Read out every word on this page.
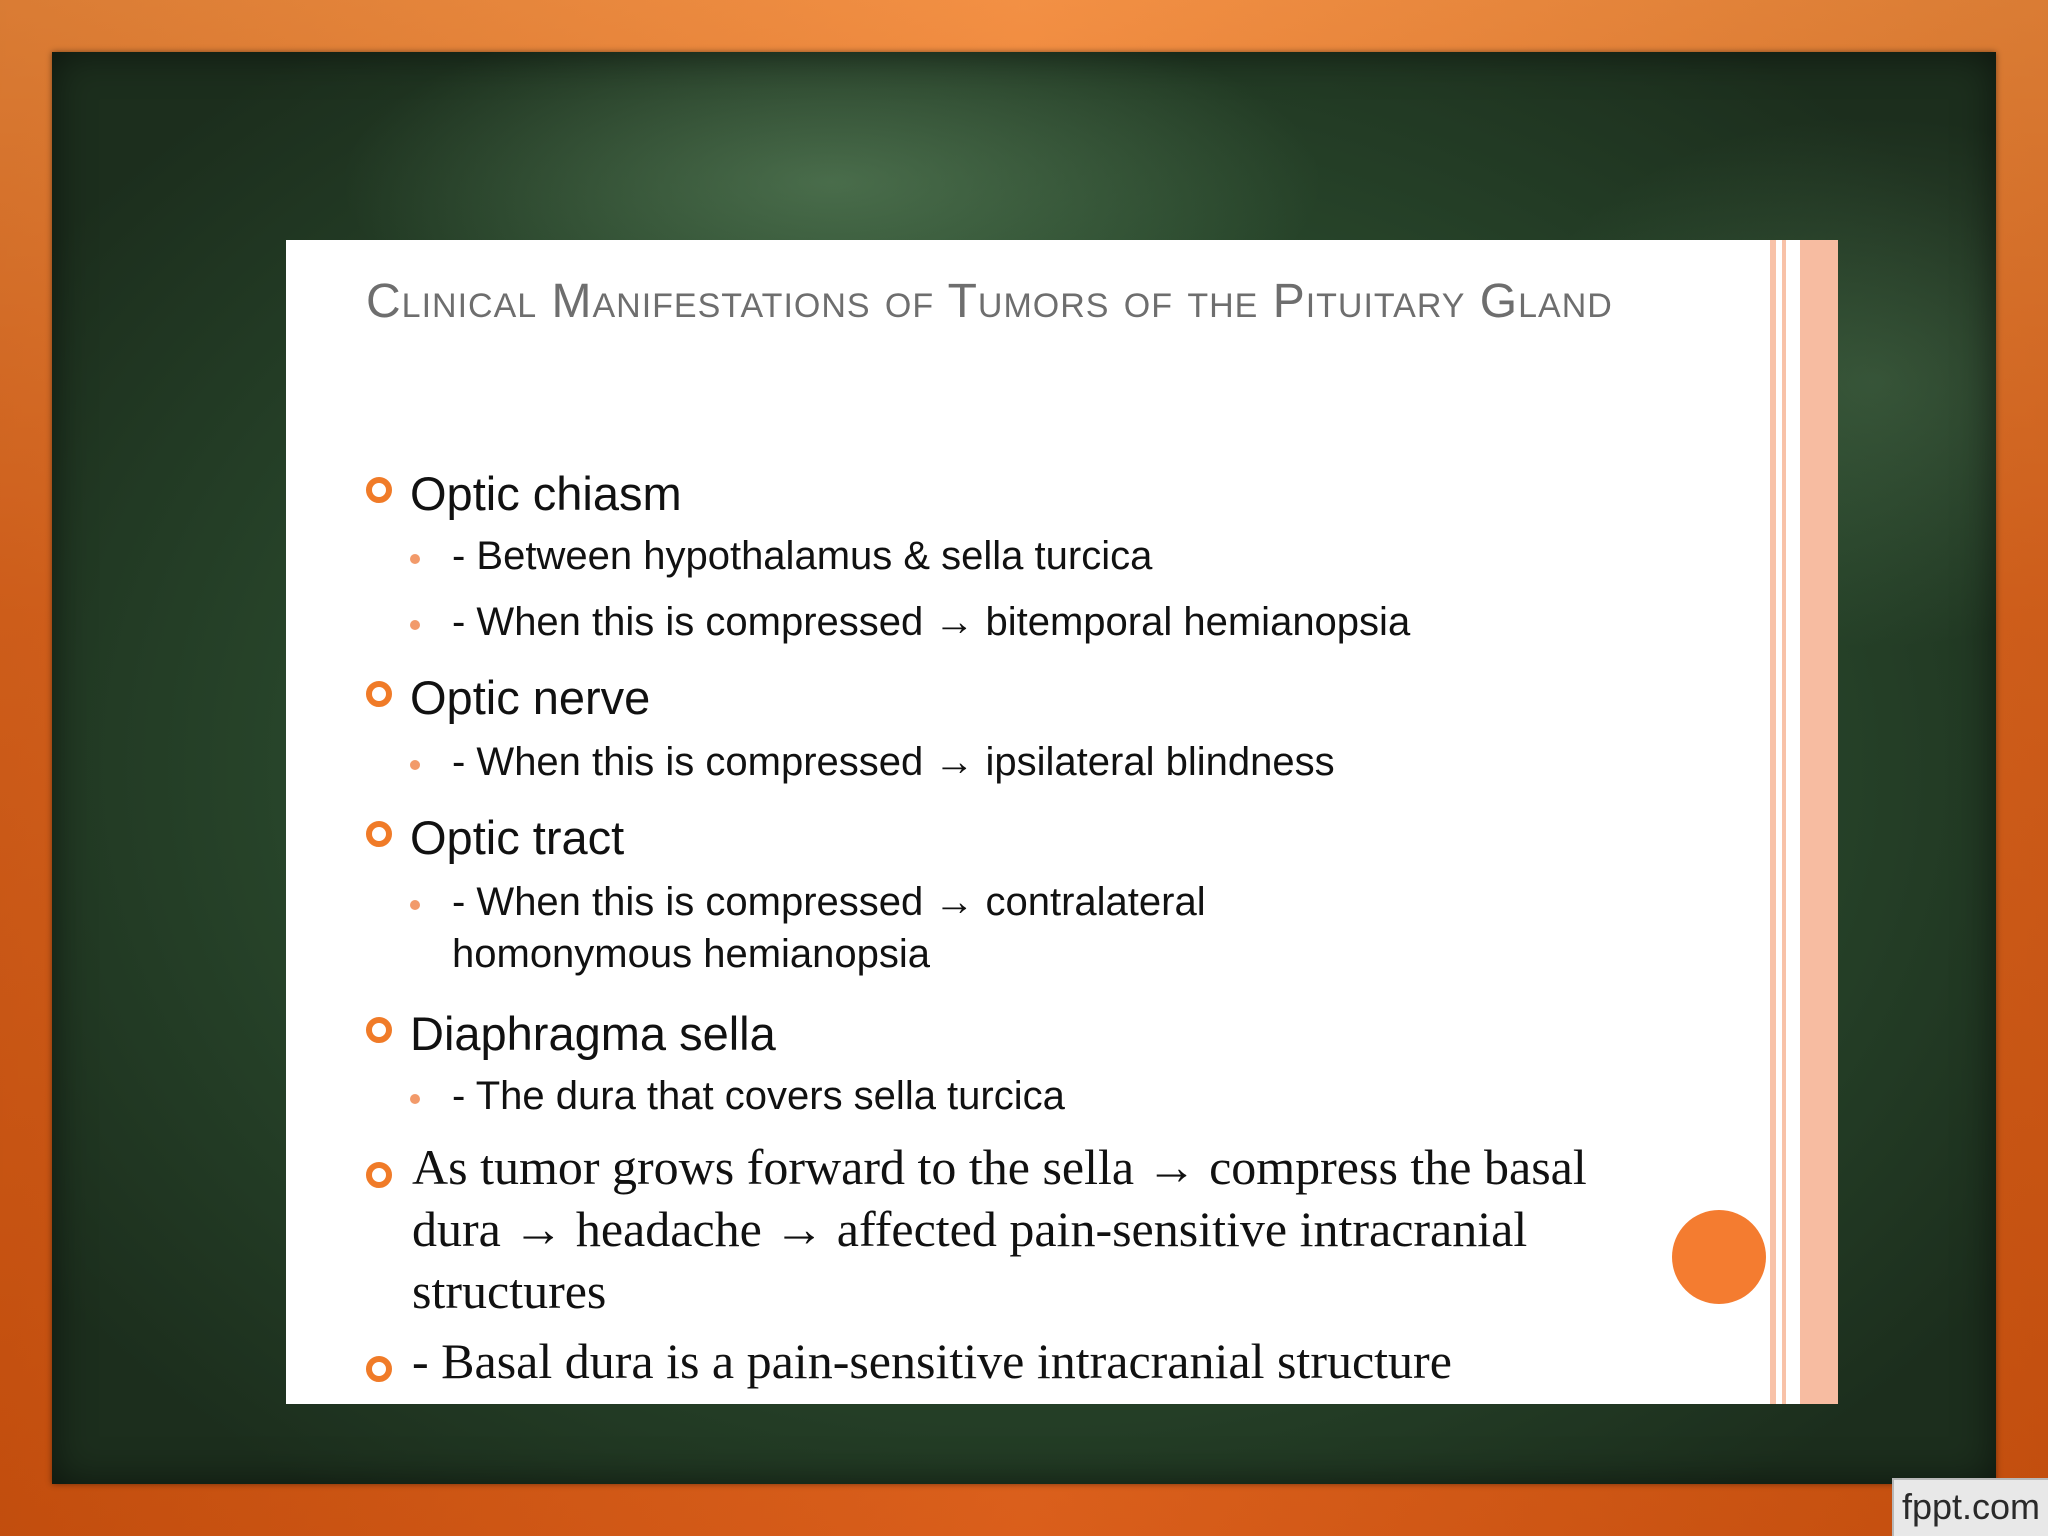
Clinical Manifestations of Tumors of the Pituitary Gland
Optic chiasm
- Between hypothalamus & sella turcica
- When this is compressed → bitemporal hemianopsia
Optic nerve
- When this is compressed → ipsilateral blindness
Optic tract
- When this is compressed → contralateral homonymous hemianopsia
Diaphragma sella
- The dura that covers sella turcica
As tumor grows forward to the sella → compress the basal dura → headache → affected pain-sensitive intracranial structures
- Basal dura is a pain-sensitive intracranial structure
fppt.com
